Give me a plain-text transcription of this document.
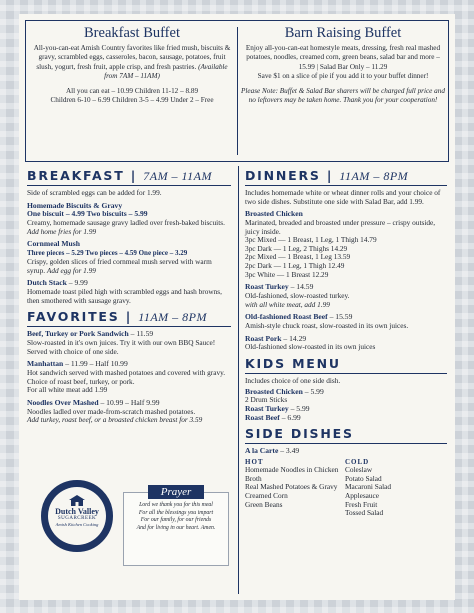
Breakfast Buffet
All-you-can-eat Amish Country favorites like fried mush, biscuits & gravy, scrambled eggs, casseroles, bacon, sausage, potatoes, fruit slush, yogurt, fresh fruit, apple crisp, and fresh pastries. (Available from 7AM – 11AM)
All you can eat – 10.99 Children 11-12 – 8.89
Children 6-10 – 6.99 Children 3-5 – 4.99 Under 2 – Free
Barn Raising Buffet
Enjoy all-you-can-eat homestyle meats, dressing, fresh real mashed potatoes, noodles, creamed corn, green beans, salad bar and more – 15.99 | Salad Bar Only – 11.29
Save $1 on a slice of pie if you add it to your buffet dinner!
Please Note: Buffet & Salad Bar sharers will be charged full price and no leftovers may be taken home. Thank you for your cooperation!
BREAKFAST | 7AM – 11AM
Side of scrambled eggs can be added for 1.99.
Homemade Biscuits & Gravy
One biscuit – 4.99 Two biscuits – 5.99
Creamy, homemade sausage gravy ladled over fresh-baked biscuits. Add home fries for 1.99
Cornmeal Mush
Three pieces – 5.29 Two pieces – 4.59 One piece – 3.29
Crispy, golden slices of fried cornmeal mush served with warm syrup. Add egg for 1.99
Dutch Stack – 9.99
Homemade toast piled high with scrambled eggs and hash browns, then smothered with sausage gravy.
FAVORITES | 11AM – 8PM
Beef, Turkey or Pork Sandwich – 11.59
Slow-roasted in it's own juices. Try it with our own BBQ Sauce! Served with choice of one side.
Manhattan – 11.99 – Half 10.99
Hot sandwich served with mashed potatoes and covered with gravy. Choice of roast beef, turkey, or pork.
For all white meat add 1.99
Noodles Over Mashed – 10.99 – Half 9.99
Noodles ladled over made-from-scratch mashed potatoes.
Add turkey, roast beef, or a broasted chicken breast for 3.59
Dutch Valley
SUGARCREEK
Amish Kitchen Cooking
Prayer
Lord we thank you for this meal
For all the blessings you impart
For our family, for our friends
And for living in our heart. Amen.
DINNERS | 11AM – 8PM
Includes homemade white or wheat dinner rolls and your choice of two side dishes. Substitute one side with Salad Bar, add 1.99.
Broasted Chicken
Marinated, breaded and broasted under pressure – crispy outside, juicy inside.
3pc Mixed — 1 Breast, 1 Leg, 1 Thigh 14.79
3pc Dark — 1 Leg, 2 Thighs 14.29
2pc Mixed — 1 Breast, 1 Leg 13.59
2pc Dark — 1 Leg, 1 Thigh 12.49
3pc White — 1 Breast 12.29
Roast Turkey – 14.59
Old-fashioned, slow-roasted turkey.
with all white meat, add 1.99
Old-fashioned Roast Beef – 15.59
Amish-style chuck roast, slow-roasted in its own juices.
Roast Pork – 14.29
Old-fashioned slow-roasted in its own juices
KIDS MENU
Includes choice of one side dish.
Broasted Chicken – 5.99
2 Drum Sticks
Roast Turkey – 5.99
Roast Beef – 6.99
SIDE DISHES
A la Carte – 3.49
HOT
Homemade Noodles in Chicken Broth
Real Mashed Potatoes & Gravy
Creamed Corn
Green Beans
COLD
Coleslaw
Potato Salad
Macaroni Salad
Applesauce
Fresh Fruit
Tossed Salad
